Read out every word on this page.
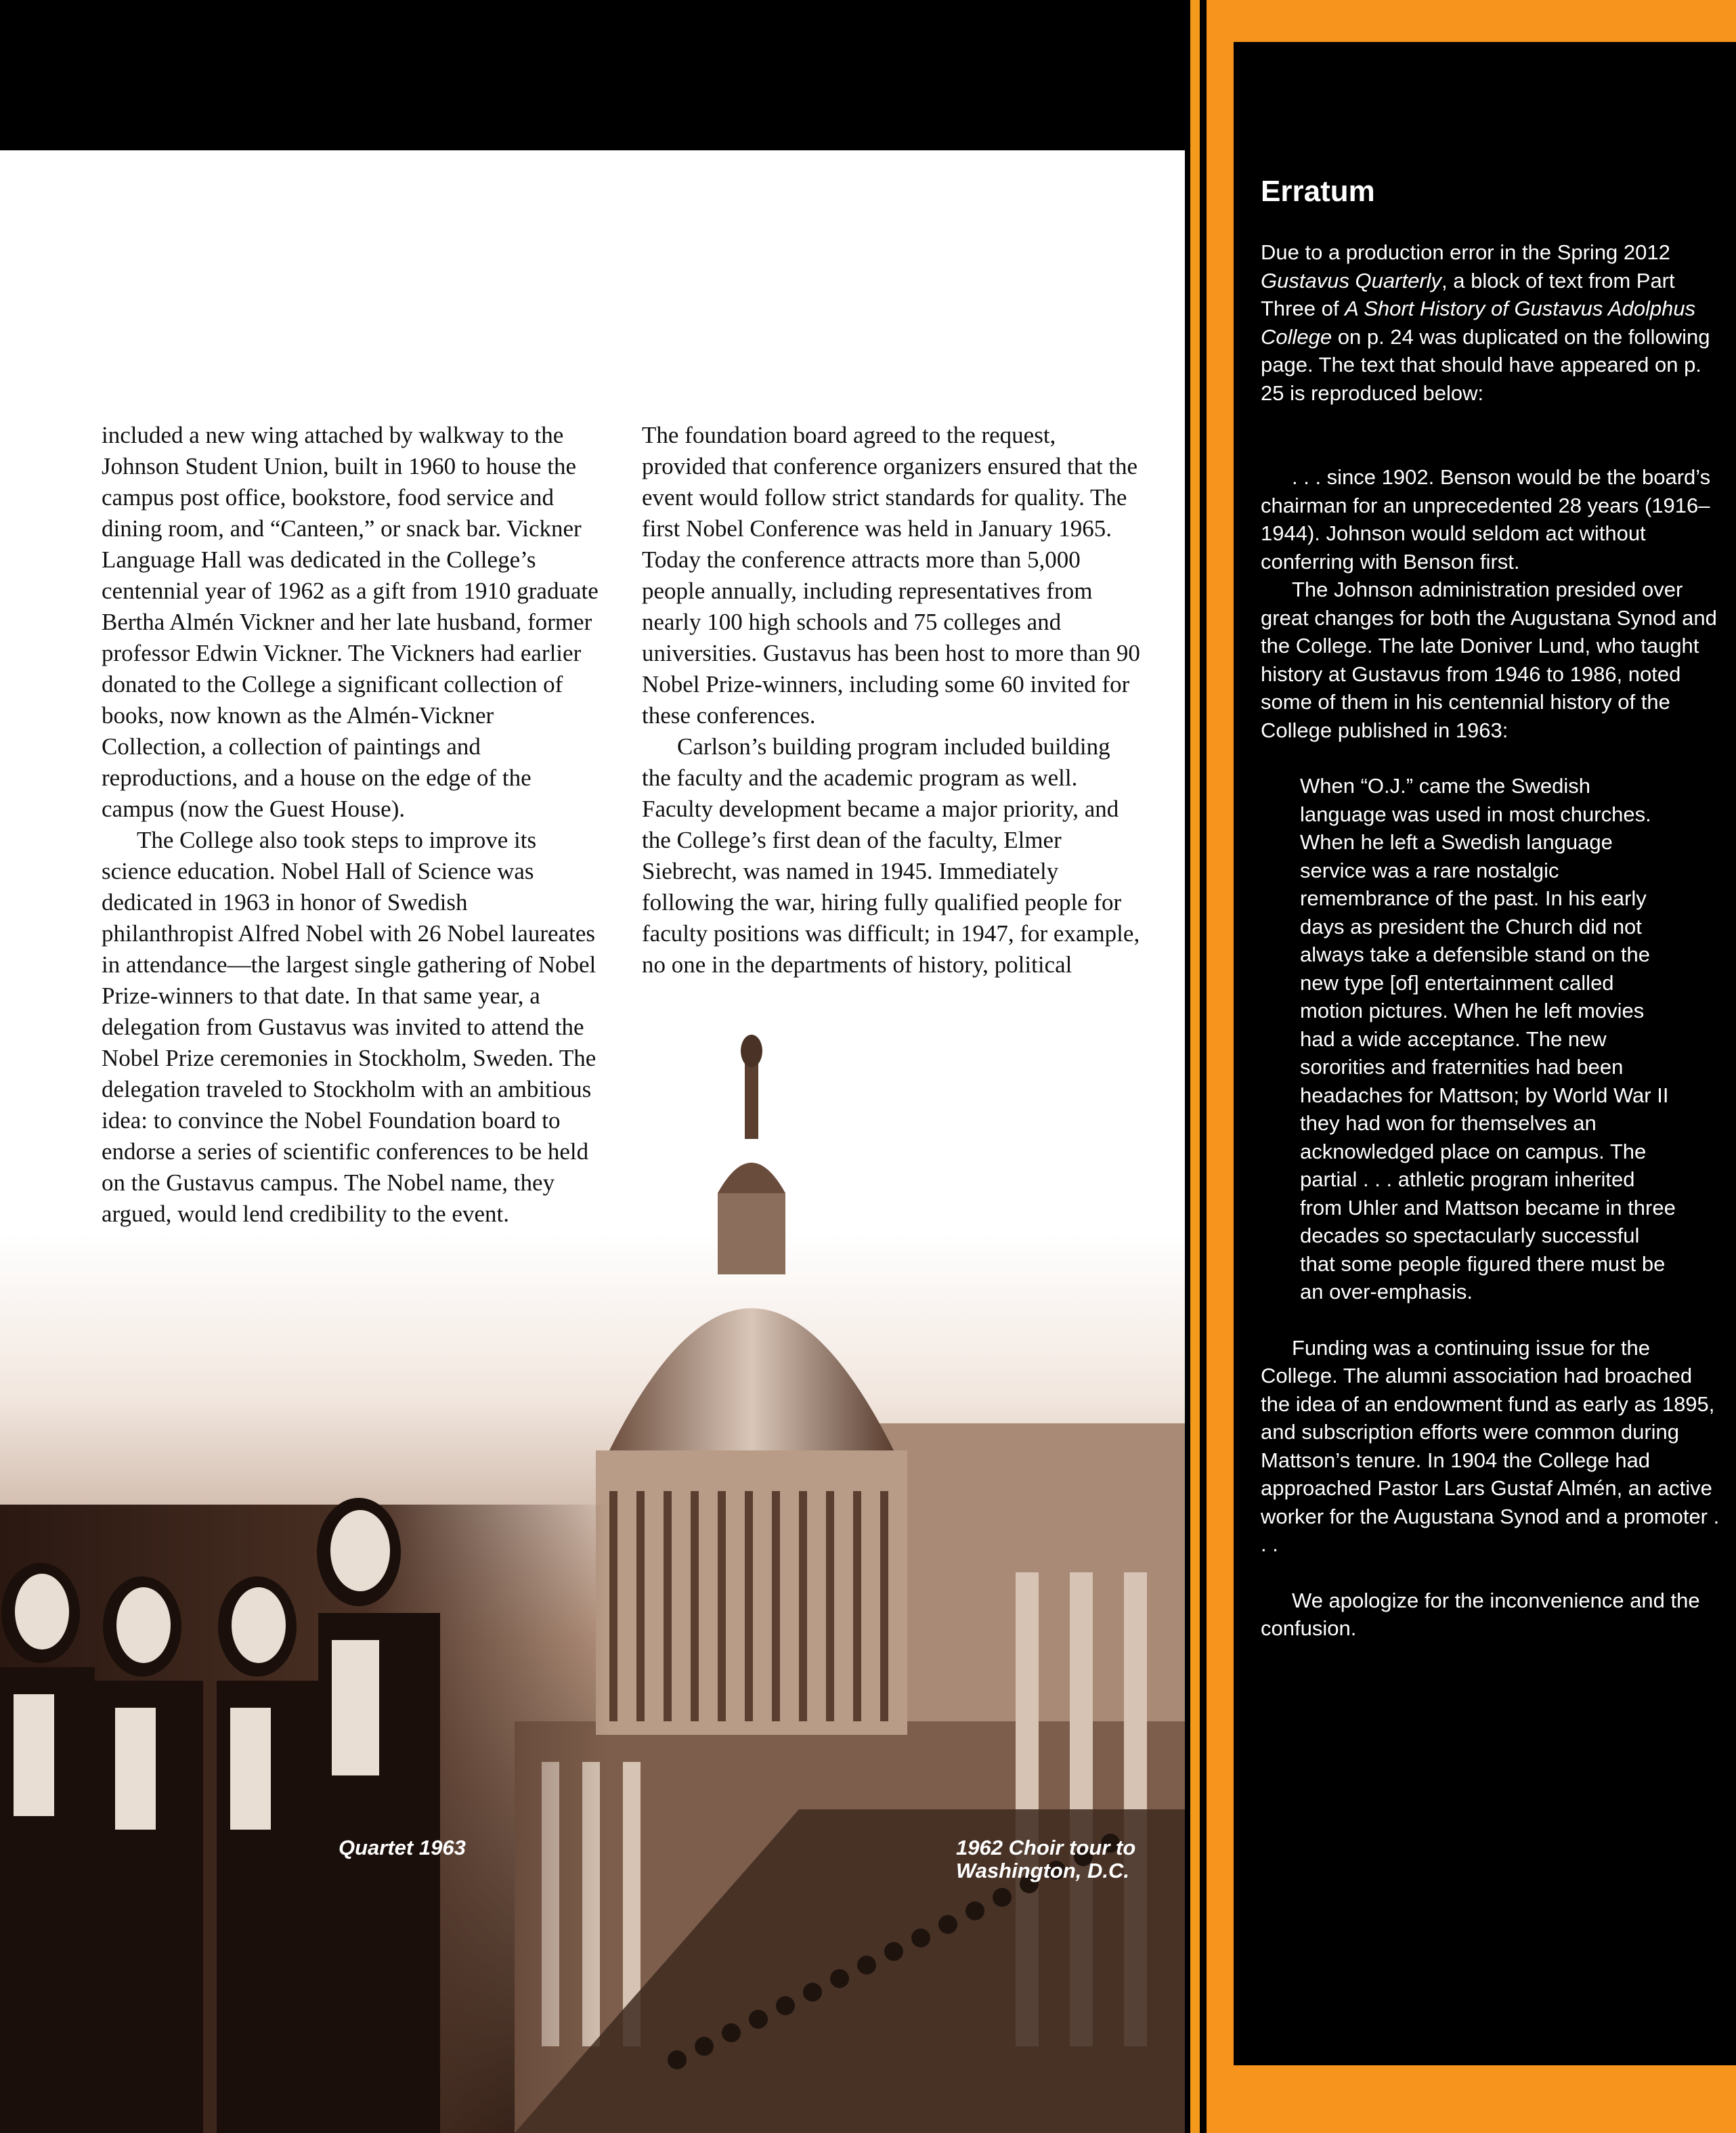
included a new wing attached by walkway to the Johnson Student Union, built in 1960 to house the campus post office, bookstore, food service and dining room, and “Canteen,” or snack bar. Vickner Language Hall was dedicated in the College’s centennial year of 1962 as a gift from 1910 graduate Bertha Almén Vickner and her late husband, former professor Edwin Vickner. The Vickners had earlier donated to the College a significant collection of books, now known as the Almén-Vickner Collection, a collection of paintings and reproductions, and a house on the edge of the campus (now the Guest House).

The College also took steps to improve its science education. Nobel Hall of Science was dedicated in 1963 in honor of Swedish philanthropist Alfred Nobel with 26 Nobel laureates in attendance—the largest single gathering of Nobel Prize-winners to that date. In that same year, a delegation from Gustavus was invited to attend the Nobel Prize ceremonies in Stockholm, Sweden. The delegation traveled to Stockholm with an ambitious idea: to convince the Nobel Foundation board to endorse a series of scientific conferences to be held on the Gustavus campus. The Nobel name, they argued, would lend credibility to the event.

The foundation board agreed to the request, provided that conference organizers ensured that the event would follow strict standards for quality. The first Nobel Conference was held in January 1965. Today the conference attracts more than 5,000 people annually, including representatives from nearly 100 high schools and 75 colleges and universities. Gustavus has been host to more than 90 Nobel Prize-winners, including some 60 invited for these conferences.

Carlson’s building program included building the faculty and the academic program as well. Faculty development became a major priority, and the College’s first dean of the faculty, Elmer Siebrecht, was named in 1945. Immediately following the war, hiring fully qualified people for faculty positions was difficult; in 1947, for example, no one in the departments of history, political

Quartet 1963	1962 Choir tour to
Washington, D.C.
Erratum

Due to a production error in the Spring 2012 Gustavus Quarterly, a block of text from Part Three of A Short History of Gustavus Adolphus College on p. 24 was duplicated on the following page. The text that should have appeared on p. 25 is reproduced below:

. . . since 1902. Benson would be the board’s chairman for an unprecedented 28 years (1916–1944). Johnson would seldom act without conferring with Benson first.

The Johnson administration presided over great changes for both the Augustana Synod and the College. The late Doniver Lund, who taught history at Gustavus from 1946 to 1986, noted some of them in his centennial history of the College published in 1963:

When “O.J.” came the Swedish language was used in most churches. When he left a Swedish language service was a rare nostalgic remembrance of the past. In his early days as president the Church did not always take a defensible stand on the new type [of] entertainment called motion pictures. When he left movies had a wide acceptance. The new sororities and fraternities had been headaches for Mattson; by World War II they had won for themselves an acknowledged place on campus. The partial . . . athletic program inherited from Uhler and Mattson became in three decades so spectacularly successful that some people figured there must be an over-emphasis.

Funding was a continuing issue for the College. The alumni association had broached the idea of an endowment fund as early as 1895, and subscription efforts were common during Mattson’s tenure. In 1904 the College had approached Pastor Lars Gustaf Almén, an active worker for the Augustana Synod and a promoter . . .

We apologize for the inconvenience and the confusion.
